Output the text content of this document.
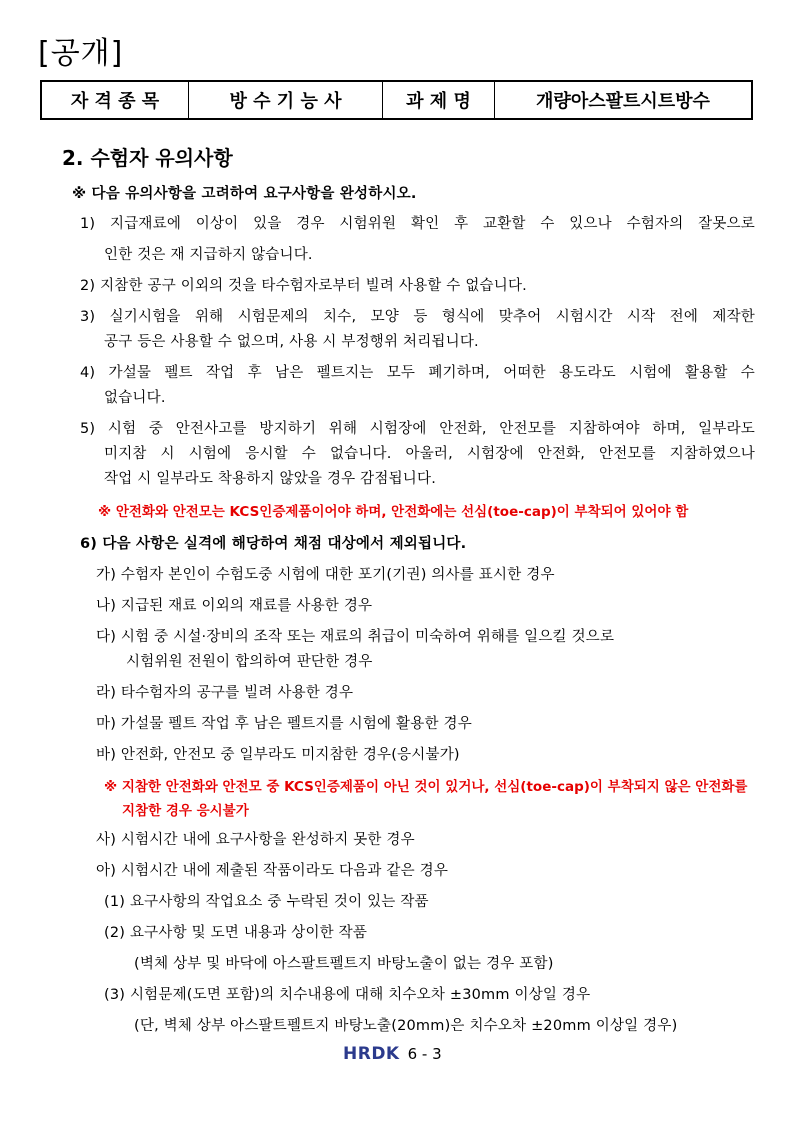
[공개]
자 격 종 목	방 수 기 능 사	과 제 명	개량아스팔트시트방수
2. 수험자 유의사항
※ 다음 유의사항을 고려하여 요구사항을 완성하시오.
1) 지급재료에 이상이 있을 경우 시험위원 확인 후 교환할 수 있으나 수험자의 잘못으로
인한 것은 재 지급하지 않습니다.
2) 지참한 공구 이외의 것을 타수험자로부터 빌려 사용할 수 없습니다.
3) 실기시험을 위해 시험문제의 치수, 모양 등 형식에 맞추어 시험시간 시작 전에 제작한
공구 등은 사용할 수 없으며, 사용 시 부정행위 처리됩니다.
4) 가설물 펠트 작업 후 남은 펠트지는 모두 폐기하며, 어떠한 용도라도 시험에 활용할 수
없습니다.
5) 시험 중 안전사고를 방지하기 위해 시험장에 안전화, 안전모를 지참하여야 하며, 일부라도
미지참 시 시험에 응시할 수 없습니다. 아울러, 시험장에 안전화, 안전모를 지참하였으나
작업 시 일부라도 착용하지 않았을 경우 감점됩니다.
※ 안전화와 안전모는 KCS인증제품이어야 하며, 안전화에는 선심(toe-cap)이 부착되어 있어야 함
6) 다음 사항은 실격에 해당하여 채점 대상에서 제외됩니다.
가) 수험자 본인이 수험도중 시험에 대한 포기(기권) 의사를 표시한 경우
나) 지급된 재료 이외의 재료를 사용한 경우
다) 시험 중 시설·장비의 조작 또는 재료의 취급이 미숙하여 위해를 일으킬 것으로
시험위원 전원이 합의하여 판단한 경우
라) 타수험자의 공구를 빌려 사용한 경우
마) 가설물 펠트 작업 후 남은 펠트지를 시험에 활용한 경우
바) 안전화, 안전모 중 일부라도 미지참한 경우(응시불가)
※ 지참한 안전화와 안전모 중 KCS인증제품이 아닌 것이 있거나, 선심(toe-cap)이 부착되지 않은 안전화를
지참한 경우 응시불가
사) 시험시간 내에 요구사항을 완성하지 못한 경우
아) 시험시간 내에 제출된 작품이라도 다음과 같은 경우
(1) 요구사항의 작업요소 중 누락된 것이 있는 작품
(2) 요구사항 및 도면 내용과 상이한 작품
(벽체 상부 및 바닥에 아스팔트펠트지 바탕노출이 없는 경우 포함)
(3) 시험문제(도면 포함)의 치수내용에 대해 치수오차 ±30mm 이상일 경우
(단, 벽체 상부 아스팔트펠트지 바탕노출(20mm)은 치수오차 ±20mm 이상일 경우)
HRDK 6 - 3
